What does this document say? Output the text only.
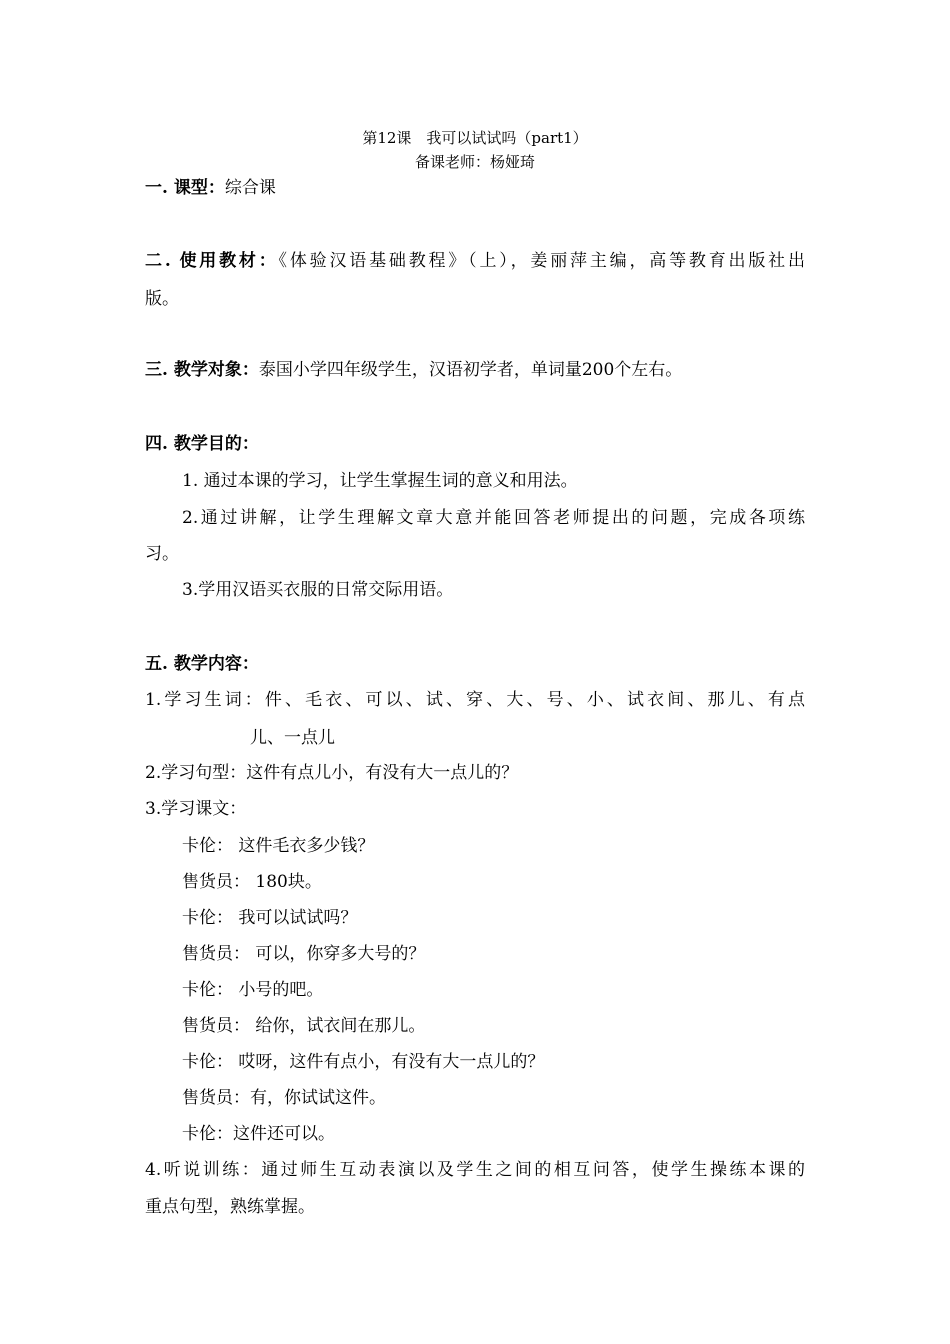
第12课　我可以试试吗（part1）
备课老师：杨娅琦
一. 课型：综合课
二. 使用教材：《体验汉语基础教程》（上），姜丽萍主编，高等教育出版社出
版。
三. 教学对象：泰国小学四年级学生，汉语初学者，单词量200个左右。
四. 教学目的：
1. 通过本课的学习，让学生掌握生词的意义和用法。
2.通过讲解，让学生理解文章大意并能回答老师提出的问题，完成各项练
习。
3.学用汉语买衣服的日常交际用语。
五. 教学内容：
1.学习生词：件、毛衣、可以、试、穿、大、号、小、试衣间、那儿、有点
儿、一点儿
2.学习句型：这件有点儿小，有没有大一点儿的？
3.学习课文：
卡伦： 这件毛衣多少钱？
售货员： 180块。
卡伦： 我可以试试吗？
售货员： 可以，你穿多大号的？
卡伦： 小号的吧。
售货员： 给你，试衣间在那儿。
卡伦： 哎呀，这件有点小，有没有大一点儿的？
售货员：有，你试试这件。
卡伦：这件还可以。
4.听说训练：通过师生互动表演以及学生之间的相互问答，使学生操练本课的
重点句型，熟练掌握。
